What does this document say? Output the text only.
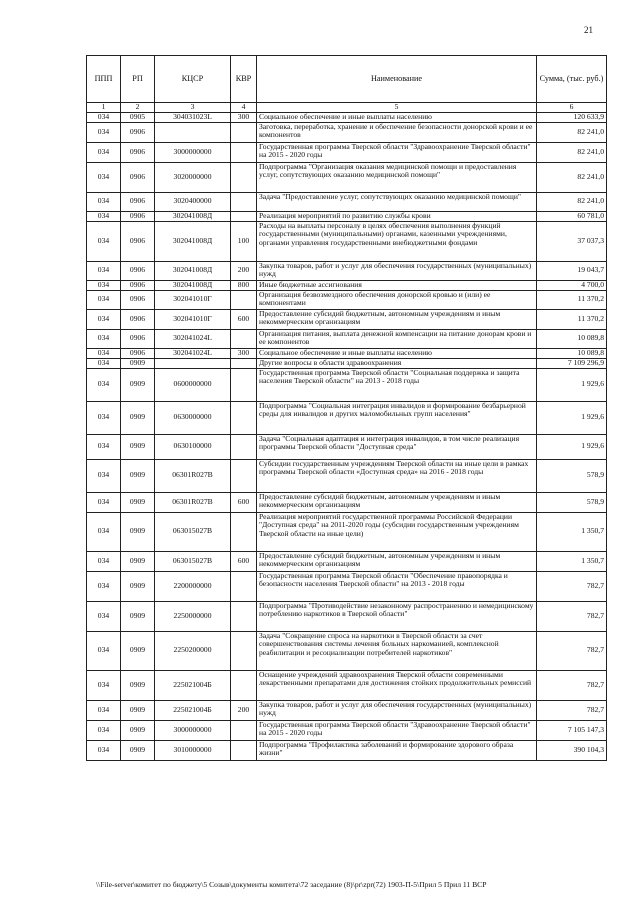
21
ППП	РП	КЦСР	КВР	Наименование	Сумма, (тыс. руб.)
1	2	3	4	5	6
034	0905	304031023L	300	Социальное обеспечение и иные выплаты населению	120 633,9
034	0906			Заготовка, переработка, хранение и обеспечение безопасности донорской крови и ее компонентов	82 241,0
034	0906	3000000000		Государственная программа Тверской области "Здравоохранение Тверской области" на 2015 - 2020 годы	82 241,0
034	0906	3020000000		Подпрограмма "Организация оказания медицинской помощи и предоставления услуг, сопутствующих оказанию медицинской помощи"	82 241,0
034	0906	3020400000		Задача "Предоставление услуг, сопутствующих оказанию медицинской помощи"	82 241,0
034	0906	302041008Д		Реализация мероприятий по развитию службы крови	60 781,0
034	0906	302041008Д	100	Расходы на выплаты персоналу в целях обеспечения выполнения функций государственными (муниципальными) органами, казенными учреждениями, органами управления государственными внебюджетными фондами	37 037,3
034	0906	302041008Д	200	Закупка товаров, работ и услуг для обеспечения государственных (муниципальных) нужд	19 043,7
034	0906	302041008Д	800	Иные бюджетные ассигнования	4 700,0
034	0906	302041010Г		Организация безвозмездного обеспечения донорской кровью и (или) ее компонентами	11 370,2
034	0906	302041010Г	600	Предоставление субсидий бюджетным, автономным учреждениям и иным некоммерческим организациям	11 370,2
034	0906	302041024L		Организация питания, выплата денежной компенсации на питание донорам крови и ее компонентов	10 089,8
034	0906	302041024L	300	Социальное обеспечение и иные выплаты населению	10 089,8
034	0909			Другие вопросы в области здравоохранения	7 109 296,9
034	0909	0600000000		Государственная программа Тверской области "Социальная поддержка и защита населения Тверской области" на 2013 - 2018 годы	1 929,6
034	0909	0630000000		Подпрограмма "Социальная интеграция инвалидов и формирование безбарьерной среды для инвалидов и других маломобильных групп населения"	1 929,6
034	0909	0630100000		Задача "Социальная адаптация и интеграция инвалидов, в том числе реализация программы Тверской области "Доступная среда"	1 929,6
034	0909	06301R027В		Субсидии государственным учреждениям Тверской области на иные цели в рамках программы Тверской области «Доступная среда» на 2016 - 2018 годы	578,9
034	0909	06301R027В	600	Предоставление субсидий бюджетным, автономным учреждениям и иным некоммерческим организациям	578,9
034	0909	063015027В		Реализация мероприятий государственной программы Российской Федерации "Доступная среда" на 2011-2020 годы (субсидии государственным учреждениям Тверской области на иные цели)	1 350,7
034	0909	063015027В	600	Предоставление субсидий бюджетным, автономным учреждениям и иным некоммерческим организациям	1 350,7
034	0909	2200000000		Государственная программа Тверской области "Обеспечение правопорядка и безопасности населения Тверской области" на 2013 - 2018 годы	782,7
034	0909	2250000000		Подпрограмма "Противодействие незаконному распространению и немедицинскому потреблению наркотиков в Тверской области"	782,7
034	0909	2250200000		Задача "Сокращение спроса на наркотики в Тверской области за счет совершенствования системы лечения больных наркоманией, комплексной реабилитации и ресоциализации потребителей наркотиков"	782,7
034	0909	225021004Б		Оснащение учреждений здравоохранения Тверской области современными лекарственными препаратами для достижения стойких продолжительных ремиссий	782,7
034	0909	225021004Б	200	Закупка товаров, работ и услуг для обеспечения государственных (муниципальных) нужд	782,7
034	0909	3000000000		Государственная программа Тверской области "Здравоохранение Тверской области" на 2015 - 2020 годы	7 105 147,3
034	0909	3010000000		Подпрограмма "Профилактика заболеваний и формирование здорового образа жизни"	390 104,3
\\File-server\комитет по бюджету\5 Созыв\документы комитета\72 заседание (8)\pr\zpr(72) 1903-П-5\Прил 5 Прил 11 ВСР
